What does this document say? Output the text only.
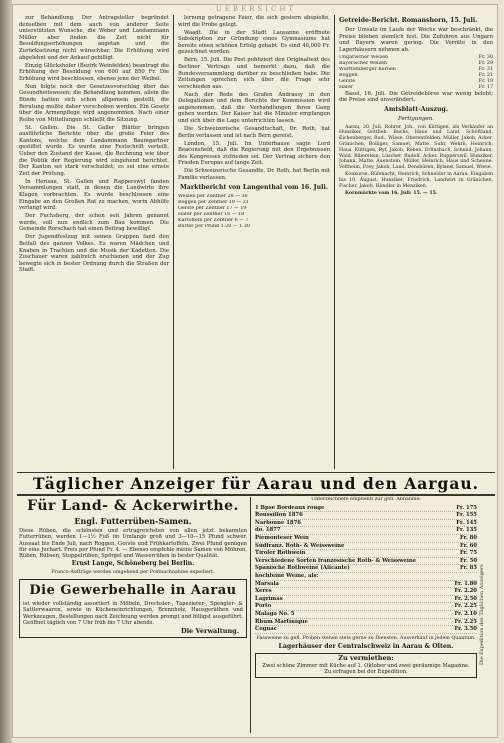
UEBERSICHT

zur Behandlung. Der Antragsteller begründet denselben mit dem auch von anderer Seite unterstützten Wunsche, die Weber und Landammann Müller aber finden die Zeit nicht für Besoldungserhöhungen angetan und die Zurücksetzung nicht wünschbar. Die Erhöhung wird abgelehnt und der Ankauf gebilligt.

Einzig Glückshofer (Bezirk Weinfelden) beantragt die Erhöhung der Besoldung von 600 auf 850 Fr. Die Erhöhung wird beschlossen, ebenso jene der Weibel.

Nun folgte noch der Gesetzesvorschlag über das Gesundheitswesen; die Behandlung kommen, allein die Bünde hatten sich schon allgemein gestellt, die Beratung mußte daher verschoben werden. Ein Gesetz über die Armenpflege wird angenommen. Nach einer Reihe von Mitteilungen schließt die Sitzung.

St. Gallen. Die St. Galler Blätter bringen ausführliche Berichte über die große Feier des Kantons, welche dem Landammann Baumgartner gestiftet wurde. Es wurde eine Festschrift verteilt. Ueber den Zustand der Kasse, die Rechnung wie über die Politik der Regierung wird eingehend berichtet. Der Kanton sei stark verschuldet; es sei eine ernste Zeit der Prüfung.

In Herisau, St. Gallen und Rapperswyl fanden Versammlungen statt, in denen die Landwirte ihre Klagen vorbrachten. Es wurde beschlossen eine Eingabe an den Großen Rat zu machen, worin Abhilfe verlangt wird.

Der Fuchsberg, der schon seit Jahren genannt wurde, soll nun endlich zum Bau kommen. Die Gemeinde Rorschach hat einen Beitrag bewilligt.

Der Jugendfestzug mit seinen Gruppen fand den Beifall des ganzen Volkes. Es waren Mädchen und Knaben in Trachten und die Musik der Kadetten. Die Zuschauer waren zahlreich erschienen und der Zug bewegte sich in bester Ordnung durch die Straßen der Stadt.

lernung getragene Feier, die sich gestern abspielte, wird die Probe gelegt.

Waadt. Die in der Stadt Lausanne eröffnete Subskription zur Gründung eines Gymnasiums hat bereits einen schönen Erfolg gehabt. Es sind 40,000 Fr. gezeichnet worden.

Bern, 15. Juli. Die Post publiziert den Originaltext des Berliner Vertrags und bemerkt dazu, daß die Bundesversammlung darüber zu beschließen habe. Die Zeitungen sprechen sich über die Frage sehr verschieden aus.

Nach der Rede des Grafen Andrassy in den Delegationen und dem Berichte der Kommission wird angenommen, daß die Verhandlungen ihren Gang gehen werden. Der Kaiser hat die Minister empfangen und sich über die Lage unterrichten lassen.

Die Schweizerische Gesandtschaft, Dr. Roth, hat Berlin verlassen und ist nach Bern gereist.

London, 15. Juli. Im Unterhause sagte Lord Beaconsfield, daß die Regierung mit den Ergebnissen des Kongresses zufrieden sei. Der Vertrag sichere den Frieden Europas auf lange Zeit.

Die Schweizerische Gesandte, Dr. Roth, hat Berlin mit Familie verlassen.

Marktbericht von Langenthal vom 16. Juli.
Weizen per Zentner 28 — 30
Roggen per Zentner 19 — 21
Gerste per Zentner 17 — 19
Hafer per Zentner 16 — 18
Kartoffeln per Zentner 6 — 7
Butter per Pfund 1.20 — 1.30
Getreide-Bericht. Romanshorn, 15. Juli.

Der Umsatz im Laufe der Woche war beschränkt, die Preise blieben ziemlich fest. Die Zufuhren aus Ungarn und Bayern waren gering. Die Vorräte in den Lagerhäusern nehmen ab.

Ungarischer Weizen	Fr. 30
Bayerischer Weizen	Fr. 29
Württemberger Kernen	Fr. 31
Roggen	Fr. 21
Gerste	Fr. 19
Hafer	Fr. 17

Basel, 16. Juli. Die Getreidebörse war wenig belebt; die Preise sind unverändert.

Amtsblatt-Auszug.
Fertigungen.

Aarau, 20. Juli. Rohrer, Joh., von Küttigen, als Verkäufer an Hunziker, Gottlieb. Buchs, Haus und Land. Schöftland, Eichenberger, Rud., Wiese. Oberentfelden, Müller, Jakob, Acker. Gränichen, Bolliger, Samuel, Matte. Suhr, Wehrli, Heinrich, Haus. Küttigen, Ryf, Jakob, Reben. Erlinsbach, Schmid, Johann, Wald. Biberstein, Lüscher, Rudolf, Acker. Rupperswil, Hunziker, Johann, Matte. Auenstein, Müller, Heinrich, Haus und Scheune. Veltheim, Frey, Jakob, Land. Densbüren, Byland, Samuel, Wiese.

Konkurse. Rüfenacht, Heinrich, Schneider in Aarau. Eingaben bis 10. August. Hunziker, Friedrich, Landwirt in Gränichen. Fischer, Jakob, Händler in Menziken.

Kornmärkte vom 16. Juli: 15. — 15.

Täglicher Anzeiger für Aarau und den Aargau.
Für Land- & Ackerwirthe.
Engl. Futterrüben-Samen.
Diese Rüben, die schönsten und ertragreichsten von allen jetzt bekannten Futterrüben, werden 1—1½ Fuß im Umfange groß und 3—10—15 Pfund schwer. Aussaat bis Ende Juli, nach Roggen, Gerste und Frühkartoffeln. Zwei Pfund genügen für eine Juchart. Preis per Pfund Fr. 4. — Ebenso empfehle meine Samen von Möhren, Rüben, Rübsen, Stoppelrüben, Spörgel und Wasserrüben in bester Qualität.
Ernst Lange, Schöneberg bei Berlin.
Franco-Aufträge werden umgehend per Postnachnahme expediert.
Die Gewerbehalle in Aarau
ist wieder vollständig assortiert in Möbeln, Drechsler-, Tapezierer-, Spengler- & Sattlerwaaren, sowie in Kücheneinrichtungen, Brennholz, Hausgeräthen und Werkzeugen. Bestellungen nach Zeichnung werden prompt und billigst ausgeführt. Geöffnet täglich von 7 Uhr früh bis 7 Uhr abends.
Die Verwaltung.
Unterzeichnete empfiehlt zur gefl. Abnahme:
1 Bpse Bordeaux rouge	Fr. 175
Roussillon 1876	Fr. 155
Narbonne 1876	Fr. 145
do. 1877	Fr. 135
Piemonteser Wein	Fr. 80
Südfranz. Roth- & Weissweine	Fr. 60
Tiroler Rothwein	Fr. 75
Verschiedene Sorten französische Roth- & Weissweine	Fr. 50
Spanische Rothweine (Alicante)	Fr. 85
hochfeine Weine, als:
Marsala	Fr. 1.80
Xeres	Fr. 2.20
Lagrimas	Fr. 2.50
Porto	Fr. 2.25
Malaga No. 5	Fr. 2.10
Rhum Martinique	Fr. 2.25
Cognac	Fr. 3.50
Fassweine zu gefl. Proben stehen stets gerne zu Diensten. Ausverkauf in jedem Quantum.
Lagerhäuser der Centralschweiz in Aarau & Olten.
Zu vermiethen:
Zwei schöne Zimmer mit Küche auf 1. Oktober und zwei geräumige Magazine. Zu erfragen bei der Expedition.
Die Expedition des Täglichen Anzeigers
